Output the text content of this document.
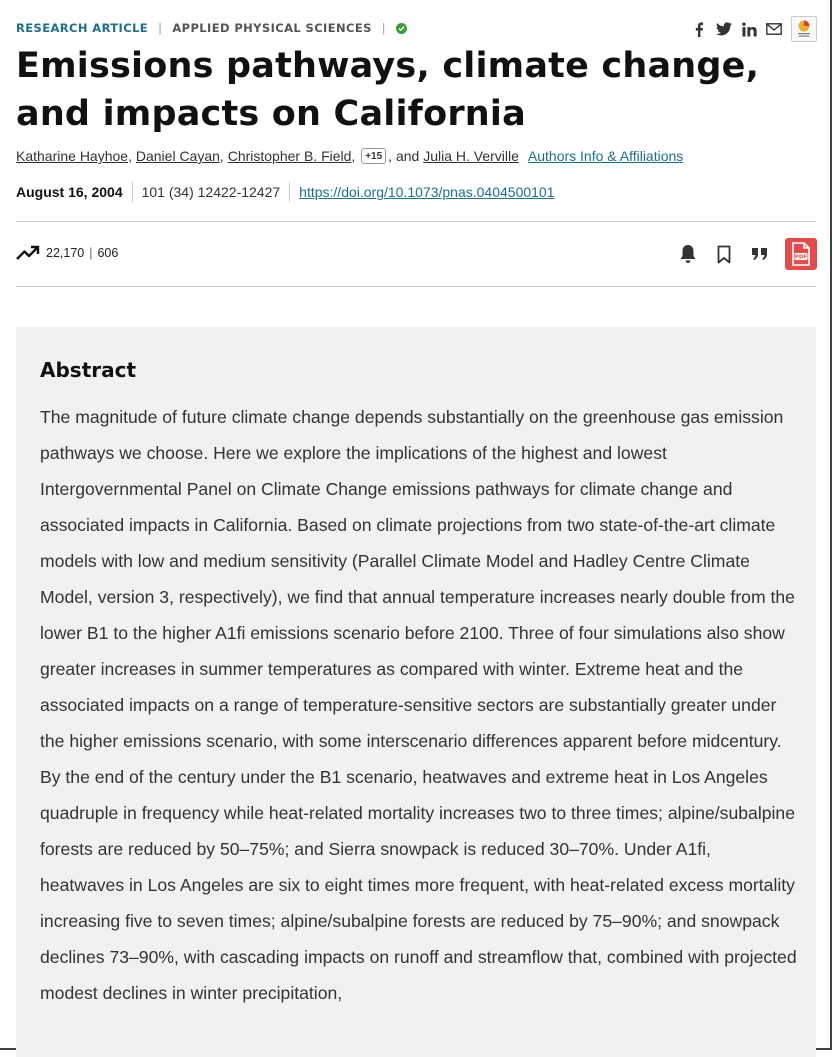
RESEARCH ARTICLE | APPLIED PHYSICAL SCIENCES |
Emissions pathways, climate change, and impacts on California
Katharine Hayhoe , Daniel Cayan , Christopher B. Field , +15 , and
Julia H. Verville Authors Info & Affiliations
August 16, 2004 101 (34) 12422-12427 https://doi.org/10.1073/pnas.0404500101
22,170 | 606	PDF
Abstract

The magnitude of future climate change depends substantially on the greenhouse gas emission pathways we choose. Here we explore the implications of the highest and lowest Intergovernmental Panel on Climate Change emissions pathways for climate change and associated impacts in California. Based on climate projections from two state-of-the-art climate models with low and medium sensitivity (Parallel Climate Model and Hadley Centre Climate Model, version 3, respectively), we find that annual temperature increases nearly double from the lower B1 to the higher A1fi emissions scenario before 2100. Three of four simulations also show greater increases in summer temperatures as compared with winter. Extreme heat and the associated impacts on a range of temperature-sensitive sectors are substantially greater under the higher emissions scenario, with some interscenario differences apparent before midcentury. By the end of the century under the B1 scenario, heatwaves and extreme heat in Los Angeles quadruple in frequency while heat-related mortality increases two to three times; alpine/subalpine forests are reduced by 50–75%; and Sierra snowpack is reduced 30–70%. Under A1fi, heatwaves in Los Angeles are six to eight times more frequent, with heat-related excess mortality increasing five to seven times; alpine/subalpine forests are reduced by 75–90%; and snowpack declines 73–90%, with cascading impacts on runoff and streamflow that, combined with projected modest declines in winter precipitation,
